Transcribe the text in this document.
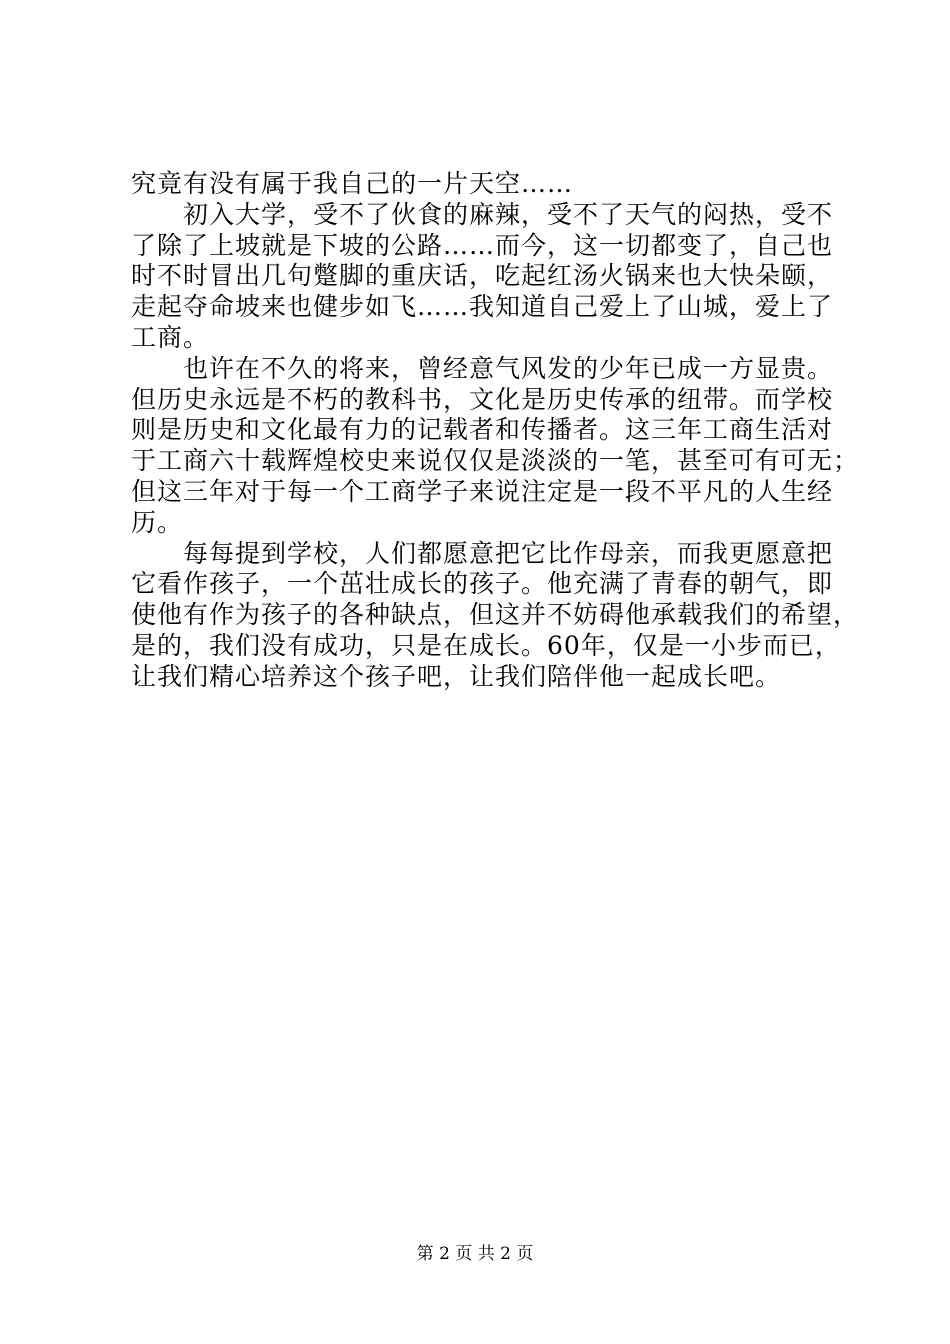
究竟有没有属于我自己的一片天空……
初入大学，受不了伙食的麻辣，受不了天气的闷热，受不
了除了上坡就是下坡的公路……而今，这一切都变了，自己也
时不时冒出几句蹩脚的重庆话，吃起红汤火锅来也大快朵颐，
走起夺命坡来也健步如飞……我知道自己爱上了山城，爱上了
工商。
也许在不久的将来，曾经意气风发的少年已成一方显贵。
但历史永远是不朽的教科书，文化是历史传承的纽带。而学校
则是历史和文化最有力的记载者和传播者。这三年工商生活对
于工商六十载辉煌校史来说仅仅是淡淡的一笔，甚至可有可无；
但这三年对于每一个工商学子来说注定是一段不平凡的人生经
历。
每每提到学校，人们都愿意把它比作母亲，而我更愿意把
它看作孩子，一个茁壮成长的孩子。他充满了青春的朝气，即
使他有作为孩子的各种缺点，但这并不妨碍他承载我们的希望，
是的，我们没有成功，只是在成长。60年，仅是一小步而已，
让我们精心培养这个孩子吧，让我们陪伴他一起成长吧。
第 2 页 共 2 页
